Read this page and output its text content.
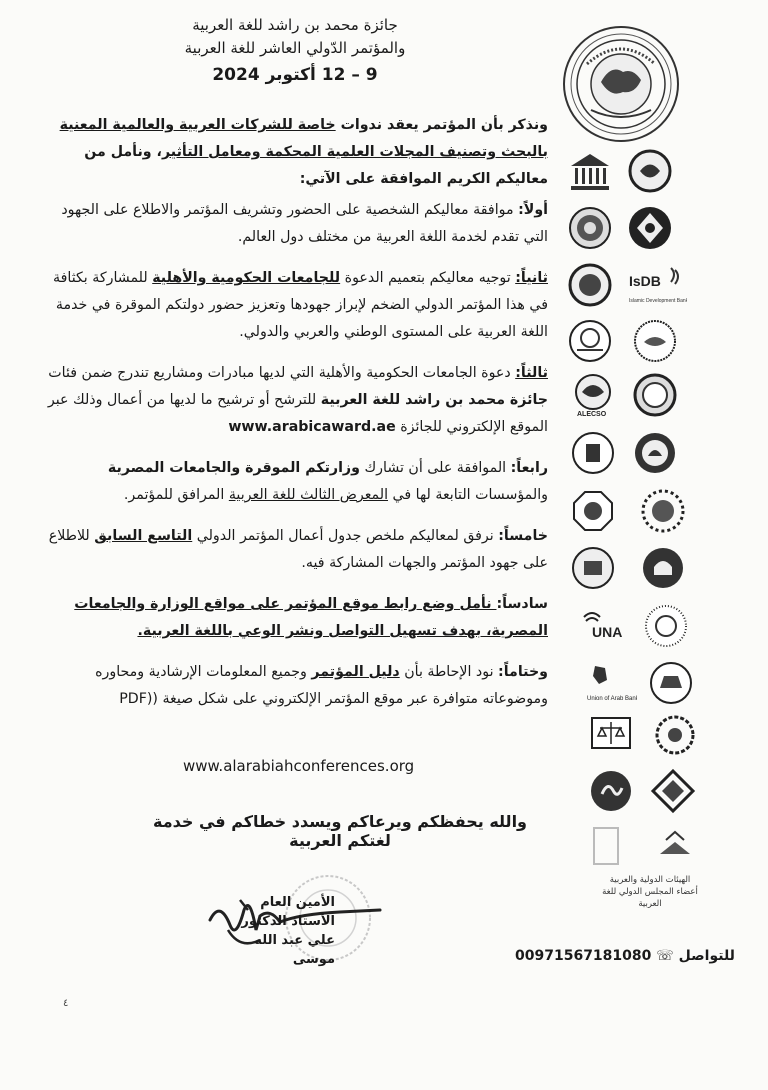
جائزة محمد بن راشد للغة العربية
والمؤتمر الدّولي العاشر للغة العربية
9 – 12 أكتوبر 2024

ونذكر بأن المؤتمر يعقد ندوات خاصة للشركات العربية والعالمية المعنية بالبحث وتصنيف المجلات العلمية المحكمة ومعامل التأثير، ونأمل من معاليكم الكريم الموافقة على الآتي:

أولاً: موافقة معاليكم الشخصية على الحضور وتشريف المؤتمر والاطلاع على الجهود التي تقدم لخدمة اللغة العربية من مختلف دول العالم.

ثانياً: توجيه معاليكم بتعميم الدعوة للجامعات الحكومية والأهلية للمشاركة بكثافة في هذا المؤتمر الدولي الضخم لإبراز جهودها وتعزيز حضور دولتكم الموقرة في خدمة اللغة العربية على المستوى الوطني والعربي والدولي.

ثالثاً: دعوة الجامعات الحكومية والأهلية التي لديها مبادرات ومشاريع تندرج ضمن فئات جائزة محمد بن راشد للغة العربية للترشح أو ترشيح ما لديها من أعمال وذلك عبر الموقع الإلكتروني للجائزة www.arabicaward.ae

رابعاً: الموافقة على أن تشارك وزارتكم الموقرة والجامعات المصرية والمؤسسات التابعة لها في المعرض الثالث للغة العربية المرافق للمؤتمر.

خامساً: نرفق لمعاليكم ملخص جدول أعمال المؤتمر الدولي التاسع السابق للاطلاع على جهود المؤتمر والجهات المشاركة فيه.

سادساً: نأمل وضع رابط موقع المؤتمر على مواقع الوزارة والجامعات المصرية، بهدف تسهيل التواصل ونشر الوعي باللغة العربية.

وختاماً: نود الإحاطة بأن دليل المؤتمر وجميع المعلومات الإرشادية ومحاوره وموضوعاته متوافرة عبر موقع المؤتمر الإلكتروني على شكل صيغة ((PDF

www.alarabiahconferences.org
والله يحفظكم ويرعاكم ويسدد خطاكم في خدمة لغتكم العربية
الأمين العام
الأستاذ الدكتور
علي عبد الله موسى	للتواصل ☏ 00971567181080
٤
IsDB
Islamic Development Bank
ALECSO
UNA
Union of Arab Banks
الهيئات الدولية والعربية أعضاء المجلس الدولي للغة العربية
